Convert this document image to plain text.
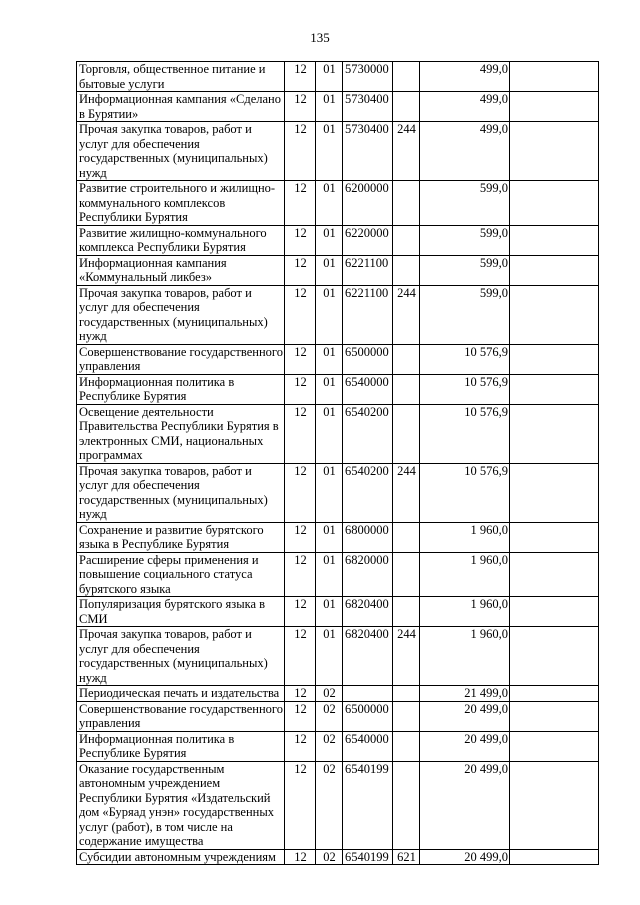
135
Торговля, общественное питание и бытовые услуги	12	01	5730000		499,0	
Информационная кампания «Сделано в Бурятии»	12	01	5730400		499,0	
Прочая закупка товаров, работ и услуг для обеспечения государственных (муниципальных) нужд	12	01	5730400	244	499,0	
Развитие строительного и жилищно-коммунального комплексов Республики Бурятия	12	01	6200000		599,0	
Развитие жилищно-коммунального комплекса Республики Бурятия	12	01	6220000		599,0	
Информационная кампания «Коммунальный ликбез»	12	01	6221100		599,0	
Прочая закупка товаров, работ и услуг для обеспечения государственных (муниципальных) нужд	12	01	6221100	244	599,0	
Совершенствование государственного управления	12	01	6500000		10 576,9	
Информационная политика в Республике Бурятия	12	01	6540000		10 576,9	
Освещение деятельности Правительства Республики Бурятия в электронных СМИ, национальных программах	12	01	6540200		10 576,9	
Прочая закупка товаров, работ и услуг для обеспечения государственных (муниципальных) нужд	12	01	6540200	244	10 576,9	
Сохранение и развитие бурятского языка в Республике Бурятия	12	01	6800000		1 960,0	
Расширение сферы применения и повышение социального статуса бурятского языка	12	01	6820000		1 960,0	
Популяризация бурятского языка в СМИ	12	01	6820400		1 960,0	
Прочая закупка товаров, работ и услуг для обеспечения государственных (муниципальных) нужд	12	01	6820400	244	1 960,0	
Периодическая печать и издательства	12	02			21 499,0	
Совершенствование государственного управления	12	02	6500000		20 499,0	
Информационная политика в Республике Бурятия	12	02	6540000		20 499,0	
Оказание государственным автономным учреждением Республики Бурятия «Издательский дом «Буряад унэн» государственных услуг (работ), в том числе на содержание имущества	12	02	6540199		20 499,0	
Субсидии автономным учреждениям	12	02	6540199	621	20 499,0	
